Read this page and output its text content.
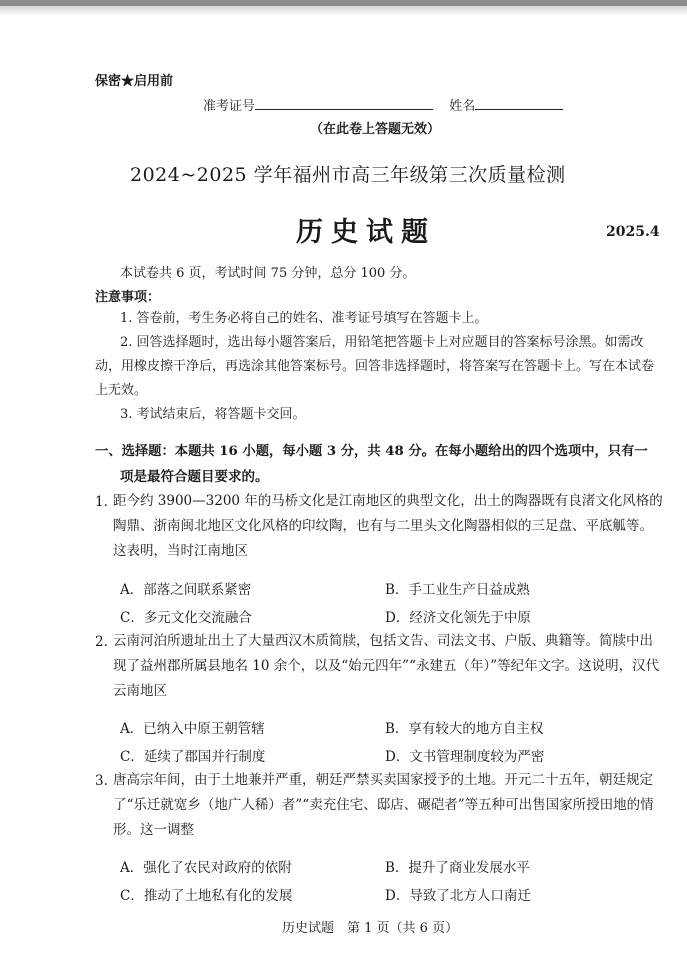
保密★启用前
准考证号	姓名
（在此卷上答题无效）
2024~2025 学年福州市高三年级第三次质量检测
历史试题	2025.4
本试卷共 6 页，考试时间 75 分钟，总分 100 分。
注意事项：
1. 答卷前，考生务必将自己的姓名、准考证号填写在答题卡上。
2. 回答选择题时，选出每小题答案后，用铅笔把答题卡上对应题目的答案标号涂黑。如需改动，用橡皮擦干净后，再选涂其他答案标号。回答非选择题时，将答案写在答题卡上。写在本试卷上无效。
3. 考试结束后，将答题卡交回。
一、选择题：本题共 16 小题，每小题 3 分，共 48 分。在每小题给出的四个选项中，只有一
项是最符合题目要求的。
1. 距今约 3900—3200 年的马桥文化是江南地区的典型文化，出土的陶器既有良渚文化风格的陶鼎、浙南闽北地区文化风格的印纹陶，也有与二里头文化陶器相似的三足盘、平底觚等。这表明，当时江南地区
A．部落之间联系紧密	B．手工业生产日益成熟
C．多元文化交流融合	D．经济文化领先于中原
2. 云南河泊所遗址出土了大量西汉木质简牍，包括文告、司法文书、户版、典籍等。简牍中出现了益州郡所属县地名 10 余个，以及“始元四年”“永建五（年）”等纪年文字。这说明，汉代云南地区
A．已纳入中原王朝管辖	B．享有较大的地方自主权
C．延续了郡国并行制度	D．文书管理制度较为严密
3. 唐高宗年间，由于土地兼并严重，朝廷严禁买卖国家授予的土地。开元二十五年，朝廷规定了“乐迁就宽乡（地广人稀）者”“卖充住宅、邸店、碾硙者”等五种可出售国家所授田地的情形。这一调整
A．强化了农民对政府的依附	B．提升了商业发展水平
C．推动了土地私有化的发展	D．导致了北方人口南迁
历史试题　第 1 页（共 6 页）
